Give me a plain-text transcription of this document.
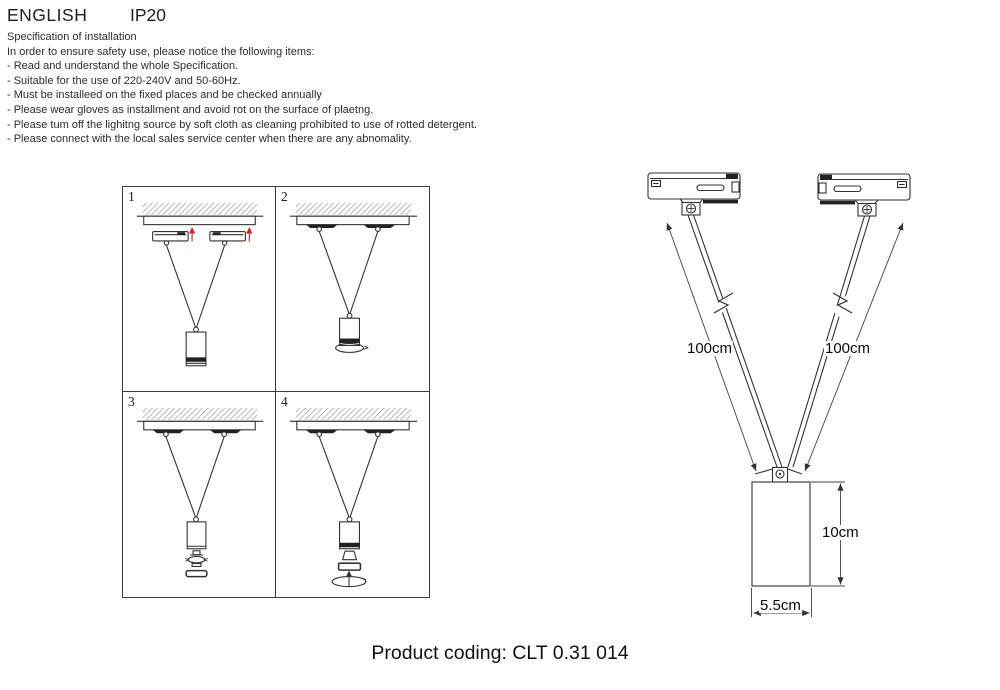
ENGLISH IP20
Specification of installation
In order to ensure safety use, please notice the following items:
- Read and understand the whole Specification.
- Suitable for the use of 220-240V and 50-60Hz.
- Must be installeed on the fixed places and be checked annually
- Please wear gloves as installment and avoid rot on the surface of plaetng.
- Please tum off the lighitng source by soft cloth as cleaning prohibited to use of rotted detergent.
- Please connect with the local sales service center when there are any abnomality.
1	2
3	4
100cm	100cm
10cm
5.5cm
Product coding: CLT 0.31 014
